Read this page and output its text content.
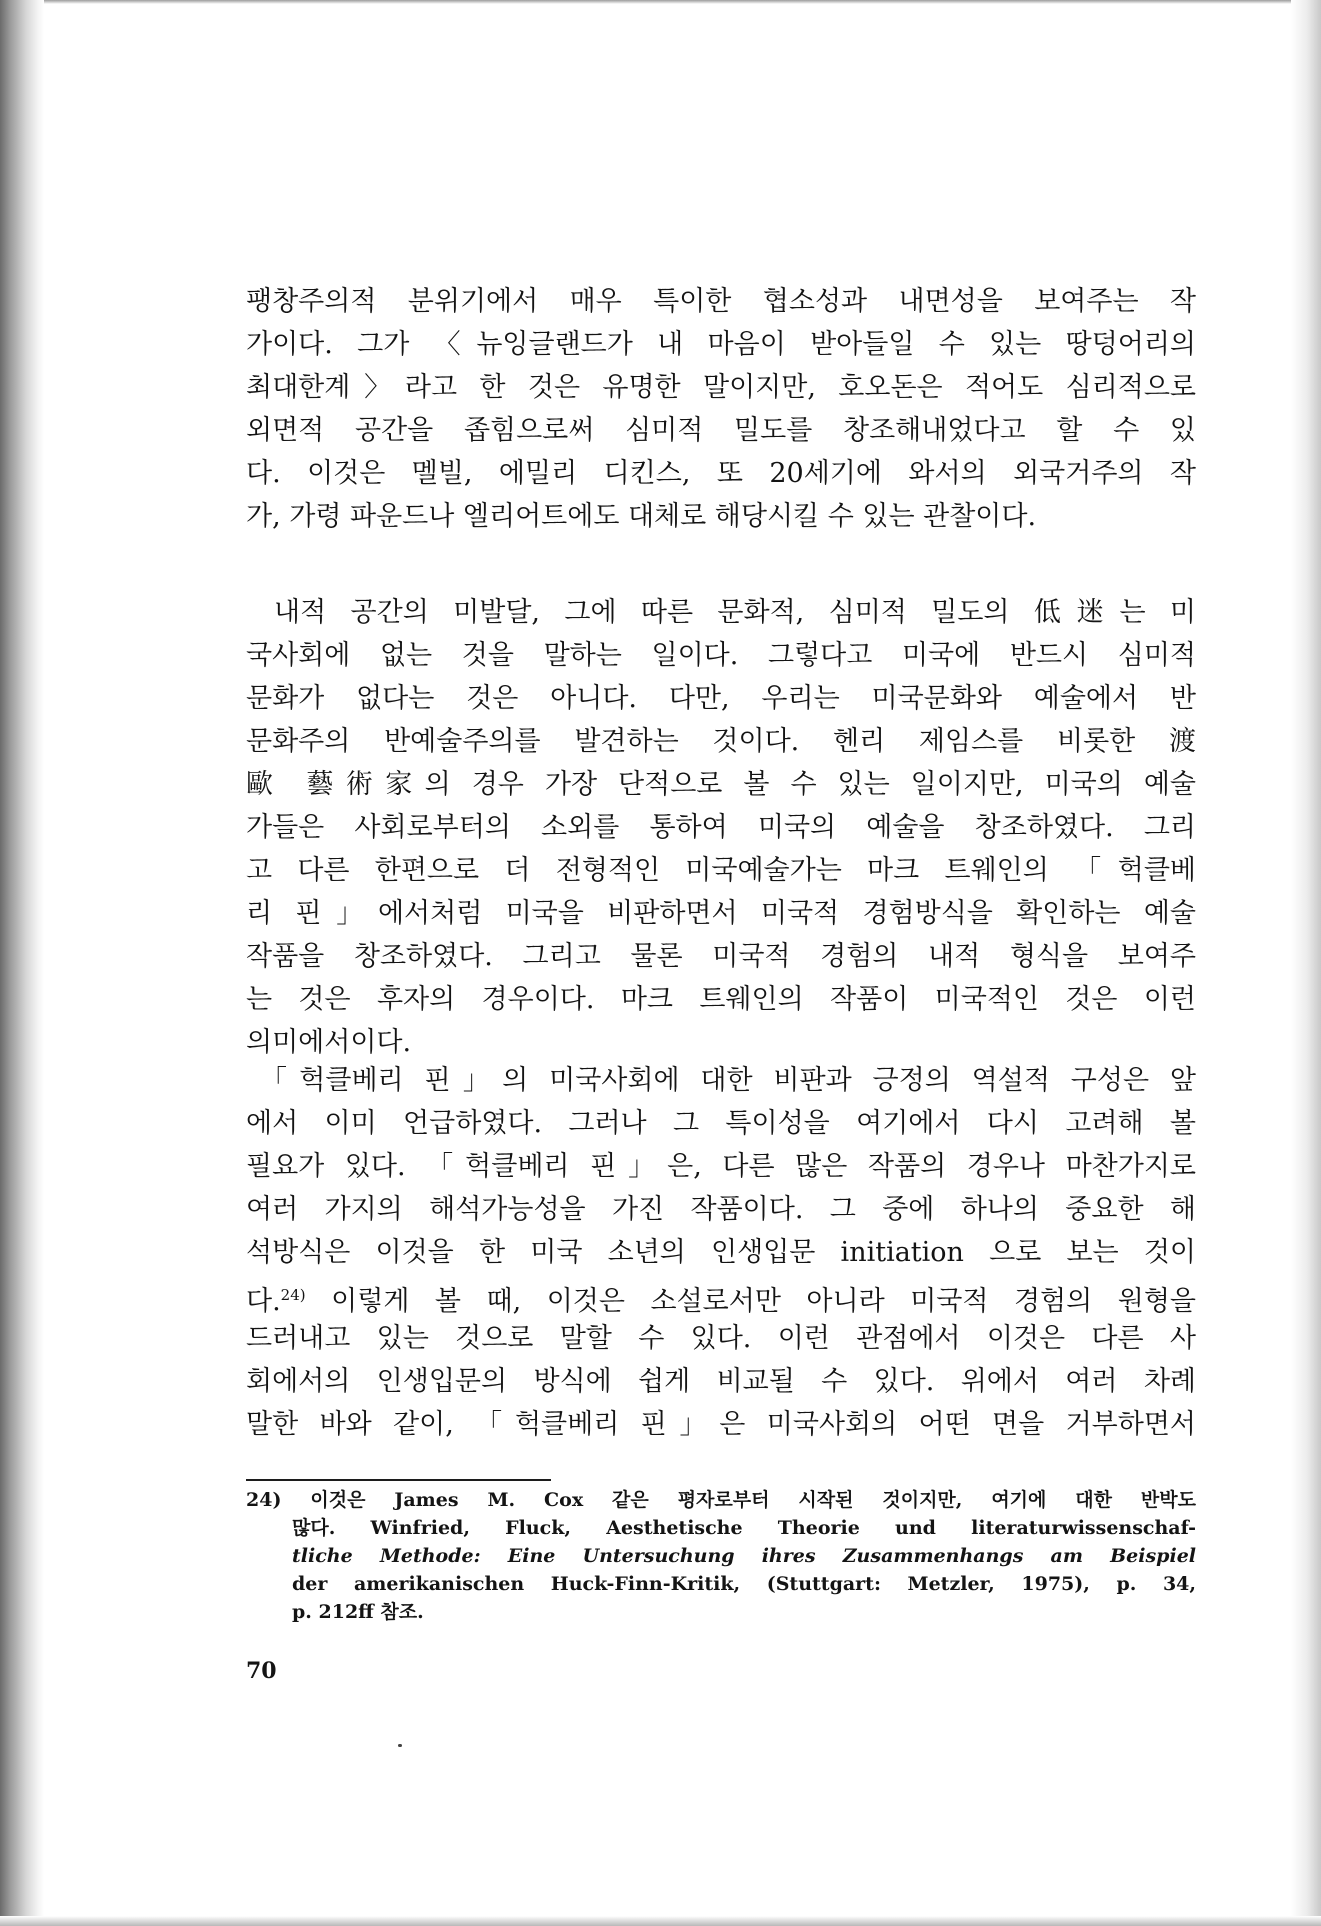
팽창주의적 분위기에서 매우 특이한 협소성과 내면성을 보여주는 작
가이다. 그가 〈뉴잉글랜드가 내 마음이 받아들일 수 있는 땅덩어리의
최대한계〉라고 한 것은 유명한 말이지만, 호오돈은 적어도 심리적으로
외면적 공간을 좁힘으로써 심미적 밀도를 창조해내었다고 할 수 있
다. 이것은 멜빌, 에밀리 디킨스, 또 20세기에 와서의 외국거주의 작
가, 가령 파운드나 엘리어트에도 대체로 해당시킬 수 있는 관찰이다.
내적 공간의 미발달, 그에 따른 문화적, 심미적 밀도의 低迷는 미
국사회에 없는 것을 말하는 일이다. 그렇다고 미국에 반드시 심미적
문화가 없다는 것은 아니다. 다만, 우리는 미국문화와 예술에서 반
문화주의 반예술주의를 발견하는 것이다. 헨리 제임스를 비롯한 渡
歐 藝術家의 경우 가장 단적으로 볼 수 있는 일이지만, 미국의 예술
가들은 사회로부터의 소외를 통하여 미국의 예술을 창조하였다. 그리
고 다른 한편으로 더 전형적인 미국예술가는 마크 트웨인의 「헉클베
리 핀」에서처럼 미국을 비판하면서 미국적 경험방식을 확인하는 예술
작품을 창조하였다. 그리고 물론 미국적 경험의 내적 형식을 보여주
는 것은 후자의 경우이다. 마크 트웨인의 작품이 미국적인 것은 이런
의미에서이다.
「헉클베리 핀」의 미국사회에 대한 비판과 긍정의 역설적 구성은 앞
에서 이미 언급하였다. 그러나 그 특이성을 여기에서 다시 고려해 볼
필요가 있다. 「헉클베리 핀」은, 다른 많은 작품의 경우나 마찬가지로
여러 가지의 해석가능성을 가진 작품이다. 그 중에 하나의 중요한 해
석방식은 이것을 한 미국 소년의 인생입문 initiation 으로 보는 것이
다.$^{24)}$ 이렇게 볼 때, 이것은 소설로서만 아니라 미국적 경험의 원형을
드러내고 있는 것으로 말할 수 있다. 이런 관점에서 이것은 다른 사
회에서의 인생입문의 방식에 쉽게 비교될 수 있다. 위에서 여러 차례
말한 바와 같이, 「헉클베리 핀」은 미국사회의 어떤 면을 거부하면서
24) 이것은 James M. Cox 같은 평자로부터 시작된 것이지만, 여기에 대한 반박도
많다. Winfried, Fluck, Aesthetische Theorie und literaturwissenschaf-
tliche Methode: Eine Untersuchung ihres Zusammenhangs am Beispiel
der amerikanischen Huck-Finn-Kritik, (Stuttgart: Metzler, 1975), p. 34,
p. 212ff 참조.
70
